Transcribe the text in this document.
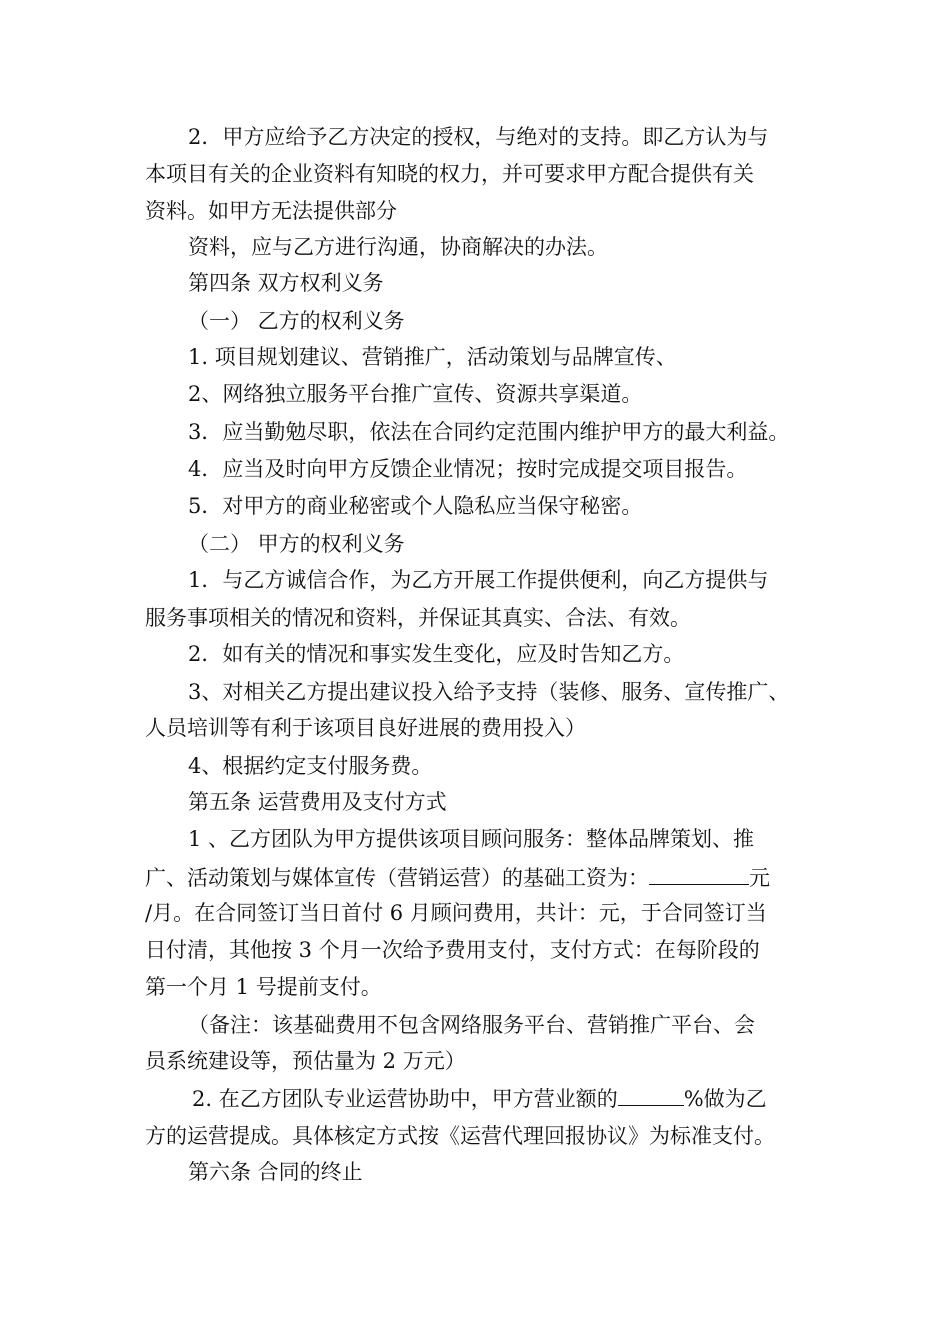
2．甲方应给予乙方决定的授权，与绝对的支持。即乙方认为与
本项目有关的企业资料有知晓的权力，并可要求甲方配合提供有关
资料。如甲方无法提供部分
资料，应与乙方进行沟通，协商解决的办法。
第四条 双方权利义务
（一） 乙方的权利义务
1. 项目规划建议、营销推广，活动策划与品牌宣传、
2、网络独立服务平台推广宣传、资源共享渠道。
3．应当勤勉尽职，依法在合同约定范围内维护甲方的最大利益。
4．应当及时向甲方反馈企业情况；按时完成提交项目报告。
5．对甲方的商业秘密或个人隐私应当保守秘密。
（二） 甲方的权利义务
1．与乙方诚信合作，为乙方开展工作提供便利，向乙方提供与
服务事项相关的情况和资料，并保证其真实、合法、有效。
2．如有关的情况和事实发生变化，应及时告知乙方。
3、对相关乙方提出建议投入给予支持（装修、服务、宣传推广、
人员培训等有利于该项目良好进展的费用投入）
4、根据约定支付服务费。
第五条 运营费用及支付方式
1 、乙方团队为甲方提供该项目顾问服务：整体品牌策划、推
广、活动策划与媒体宣传（营销运营）的基础工资为：	元
/月。在合同签订当日首付 6 月顾问费用，共计：元，于合同签订当
日付清，其他按 3 个月一次给予费用支付，支付方式：在每阶段的
第一个月 1 号提前支付。
（备注：该基础费用不包含网络服务平台、营销推广平台、会
员系统建设等，预估量为 2 万元）
2. 在乙方团队专业运营协助中，甲方营业额的	%做为乙
方的运营提成。具体核定方式按《运营代理回报协议》为标准支付。
第六条 合同的终止
